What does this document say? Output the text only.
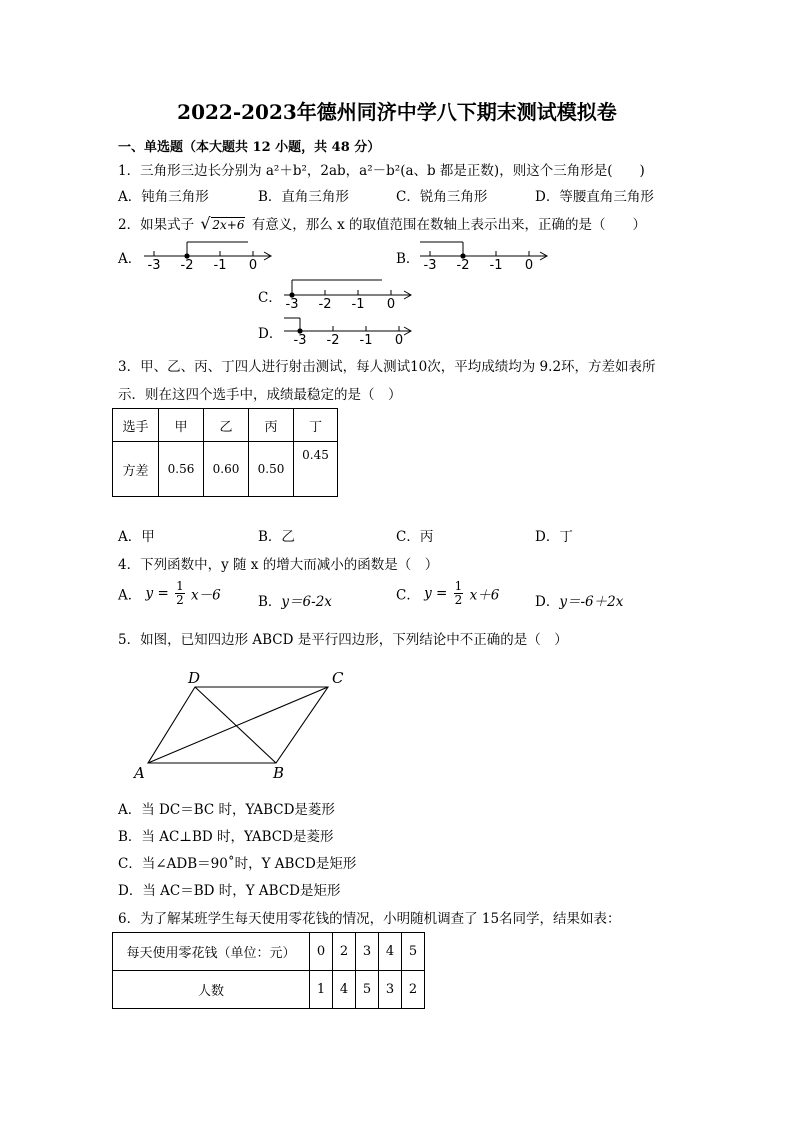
2022-2023年德州同济中学八下期末测试模拟卷
一、单选题（本大题共 12 小题，共 48 分）
1．三角形三边长分别为 a²＋b²，2ab，a²－b²(a、b 都是正数)，则这个三角形是(　　)
A．钝角三角形	B．直角三角形	C．锐角三角形	D．等腰直角三角形
2．如果式子 √ 2x+6 有意义，那么 x 的取值范围在数轴上表示出来，正确的是（　　）
A． -3 -2 -1 0	B． -3 -2 -1 0
C． -3 -2 -1 0
D． -3 -2 -1 0
3．甲、乙、丙、丁四人进行射击测试，每人测试10次，平均成绩均为 9.2环，方差如表所
示．则在这四个选手中，成绩最稳定的是（　）
选手	甲	乙	丙	丁
方差	0.56	0.60	0.50	0.45
A．甲	B．乙	C．丙	D．丁
4．下列函数中，y 随 x 的增大而减小的函数是（　）
A． $y = \frac{1}{2} x-6$	B．y＝6-2x	C． $y = \frac{1}{2} x+6$	D．y＝-6＋2x
5．如图，已知四边形 ABCD 是平行四边形，下列结论中不正确的是（　）
D	C
A	B
A．当 DC＝BC 时，YABCD是菱形
B．当 AC⊥BD 时，YABCD是菱形
C．当∠ADB＝90˚时，Y ABCD是矩形
D．当 AC＝BD 时，Y ABCD是矩形
6．为了解某班学生每天使用零花钱的情况，小明随机调查了 15名同学，结果如表：
每天使用零花钱（单位：元）	0	2	3	4	5
人数	1	4	5	3	2
